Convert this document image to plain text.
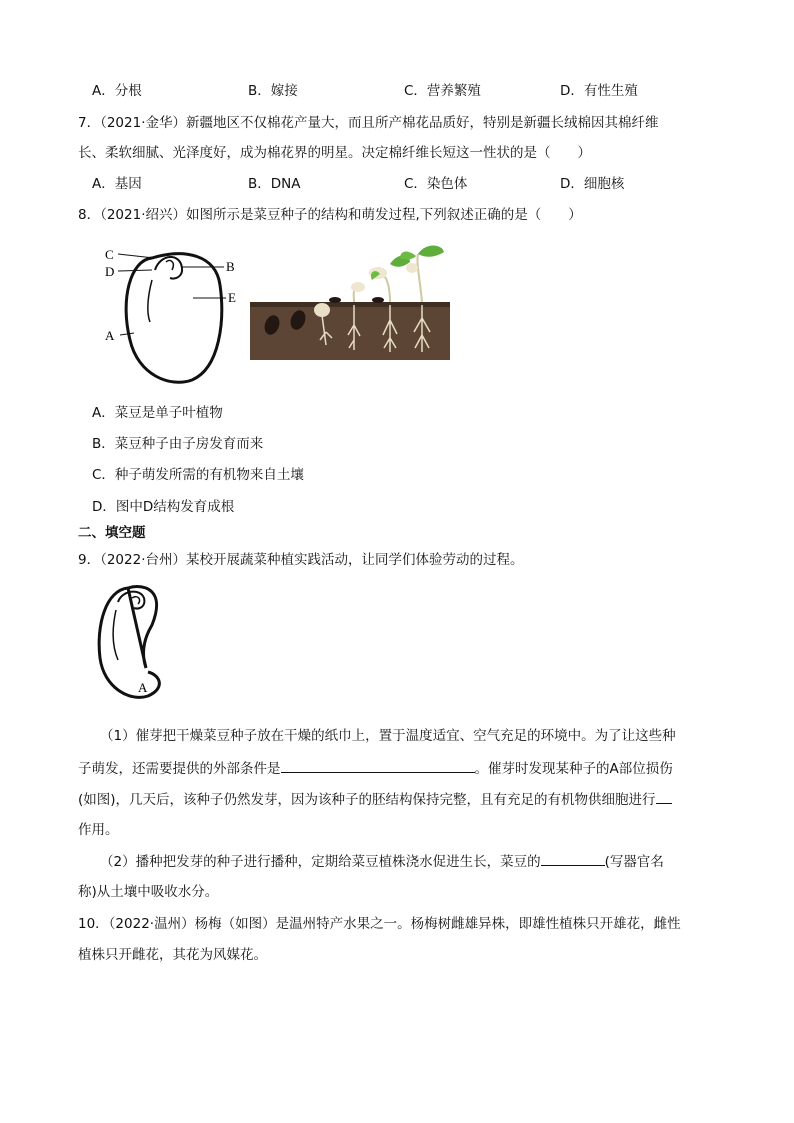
A．分根	B．嫁接	C．营养繁殖	D．有性生殖
7．（2021·金华）新疆地区不仅棉花产量大，而且所产棉花品质好，特别是新疆长绒棉因其棉纤维
长、柔软细腻、光泽度好，成为棉花界的明星。决定棉纤维长短这一性状的是（　　）
A．基因	B．DNA	C．染色体	D．细胞核
8．（2021·绍兴）如图所示是菜豆种子的结构和萌发过程,下列叙述正确的是（　　）
C
D
A
B
E
A．菜豆是单子叶植物
B．菜豆种子由子房发育而来
C．种子萌发所需的有机物来自土壤
D．图中D结构发育成根
二、填空题
9．（2022·台州）某校开展蔬菜种植实践活动，让同学们体验劳动的过程。
A
（1）催芽把干燥菜豆种子放在干燥的纸巾上，置于温度适宜、空气充足的环境中。为了让这些种
子萌发，还需要提供的外部条件是	。催芽时发现某种子的A部位损伤
(如图)，几天后，该种子仍然发芽，因为该种子的胚结构保持完整，且有充足的有机物供细胞进行
作用。
（2）播种把发芽的种子进行播种，定期给菜豆植株浇水促进生长，菜豆的	(写器官名
称)从土壤中吸收水分。
10．（2022·温州）杨梅（如图）是温州特产水果之一。杨梅树雌雄异株，即雄性植株只开雄花，雌性
植株只开雌花，其花为风媒花。
